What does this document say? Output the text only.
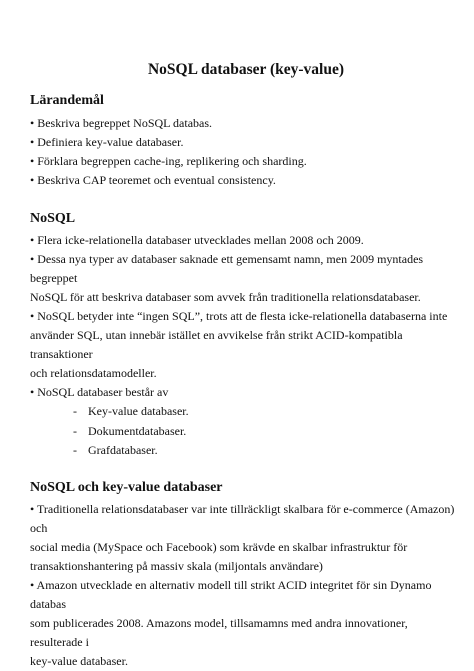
NoSQL databaser (key-value)
Lärandemål

• Beskriva begreppet NoSQL databas.

• Definiera key-value databaser.

• Förklara begreppen cache-ing, replikering och sharding.

• Beskriva CAP teoremet och eventual consistency.

NoSQL

• Flera icke-relationella databaser utvecklades mellan 2008 och 2009.

• Dessa nya typer av databaser saknade ett gemensamt namn, men 2009 myntades begreppet

NoSQL för att beskriva databaser som avvek från traditionella relationsdatabaser.

• NoSQL betyder inte “ingen SQL”, trots att de flesta icke-relationella databaserna inte

använder SQL, utan innebär istället en avvikelse från strikt ACID-kompatibla transaktioner

och relationsdatamodeller.

• NoSQL databaser består av

- Key-value databaser.
- Dokumentdatabaser.
- Grafdatabaser.
NoSQL och key-value databaser

• Traditionella relationsdatabaser var inte tillräckligt skalbara för e-commerce (Amazon) och

social media (MySpace och Facebook) som krävde en skalbar infrastruktur för

transaktionshantering på massiv skala (miljontals användare)

• Amazon utvecklade en alternativ modell till strikt ACID integritet för sin Dynamo databas

som publicerades 2008. Amazons model, tillsamamns med andra innovationer, resulterade i

key-value databaser.
